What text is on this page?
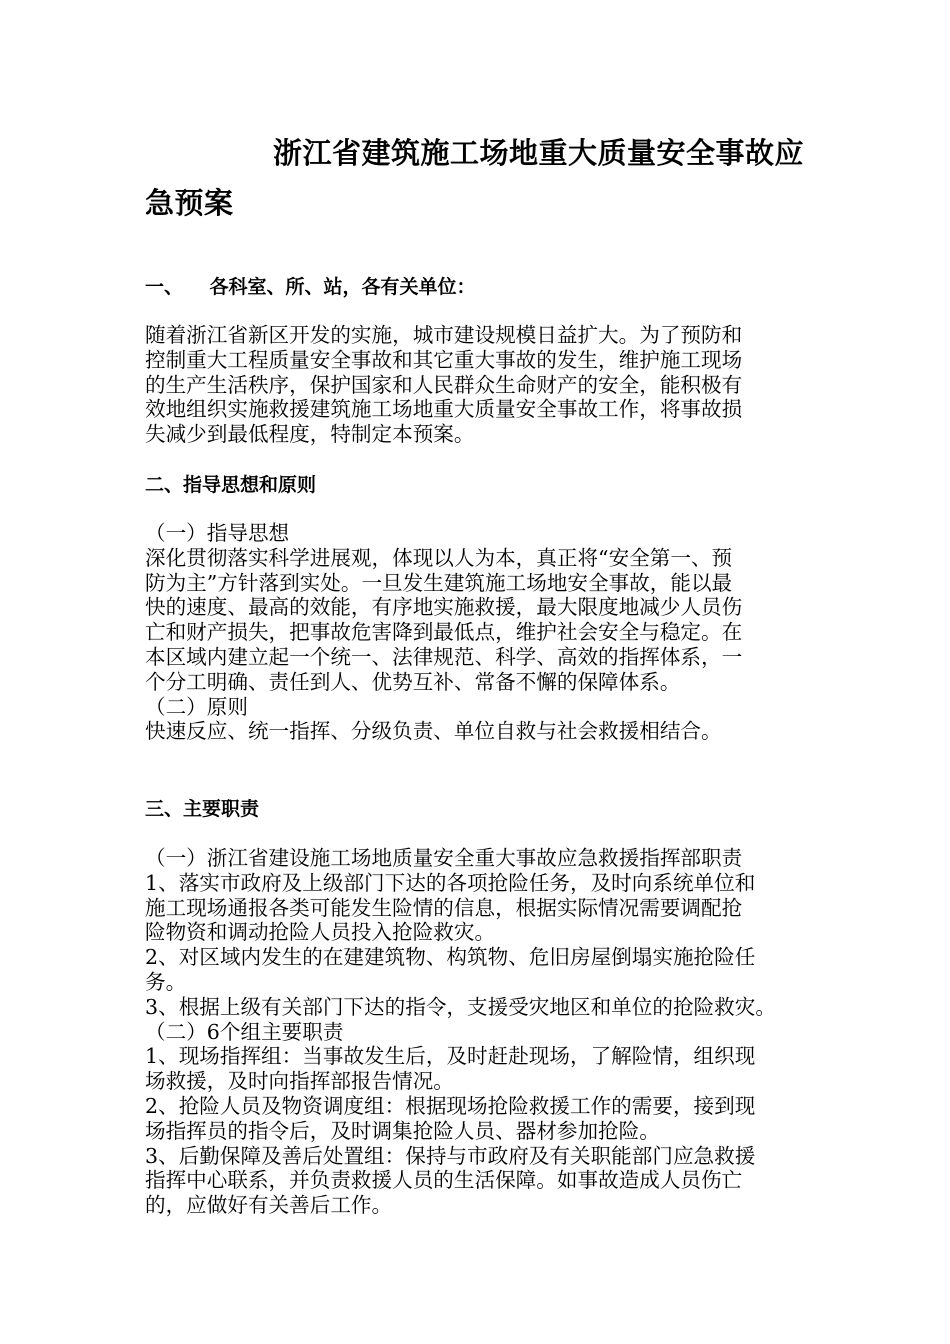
浙江省建筑施工场地重大质量安全事故应急预案
一、    各科室、所、站，各有关单位：
随着浙江省新区开发的实施，城市建设规模日益扩大。为了预防和
控制重大工程质量安全事故和其它重大事故的发生，维护施工现场
的生产生活秩序，保护国家和人民群众生命财产的安全，能积极有
效地组织实施救援建筑施工场地重大质量安全事故工作，将事故损
失减少到最低程度，特制定本预案。
二、指导思想和原则
（一）指导思想
深化贯彻落实科学进展观，体现以人为本，真正将“安全第一、预
防为主”方针落到实处。一旦发生建筑施工场地安全事故，能以最
快的速度、最高的效能，有序地实施救援，最大限度地减少人员伤
亡和财产损失，把事故危害降到最低点，维护社会安全与稳定。在
本区域内建立起一个统一、法律规范、科学、高效的指挥体系，一
个分工明确、责任到人、优势互补、常备不懈的保障体系。
（二）原则
快速反应、统一指挥、分级负责、单位自救与社会救援相结合。
三、主要职责
（一）浙江省建设施工场地质量安全重大事故应急救援指挥部职责
1、落实市政府及上级部门下达的各项抢险任务，及时向系统单位和
施工现场通报各类可能发生险情的信息，根据实际情况需要调配抢
险物资和调动抢险人员投入抢险救灾。
2、对区域内发生的在建建筑物、构筑物、危旧房屋倒塌实施抢险任
务。
3、根据上级有关部门下达的指令，支援受灾地区和单位的抢险救灾。
（二）6个组主要职责
1、现场指挥组：当事故发生后，及时赶赴现场，了解险情，组织现
场救援，及时向指挥部报告情况。
2、抢险人员及物资调度组：根据现场抢险救援工作的需要，接到现
场指挥员的指令后，及时调集抢险人员、器材参加抢险。
3、后勤保障及善后处置组：保持与市政府及有关职能部门应急救援
指挥中心联系，并负责救援人员的生活保障。如事故造成人员伤亡
的，应做好有关善后工作。
